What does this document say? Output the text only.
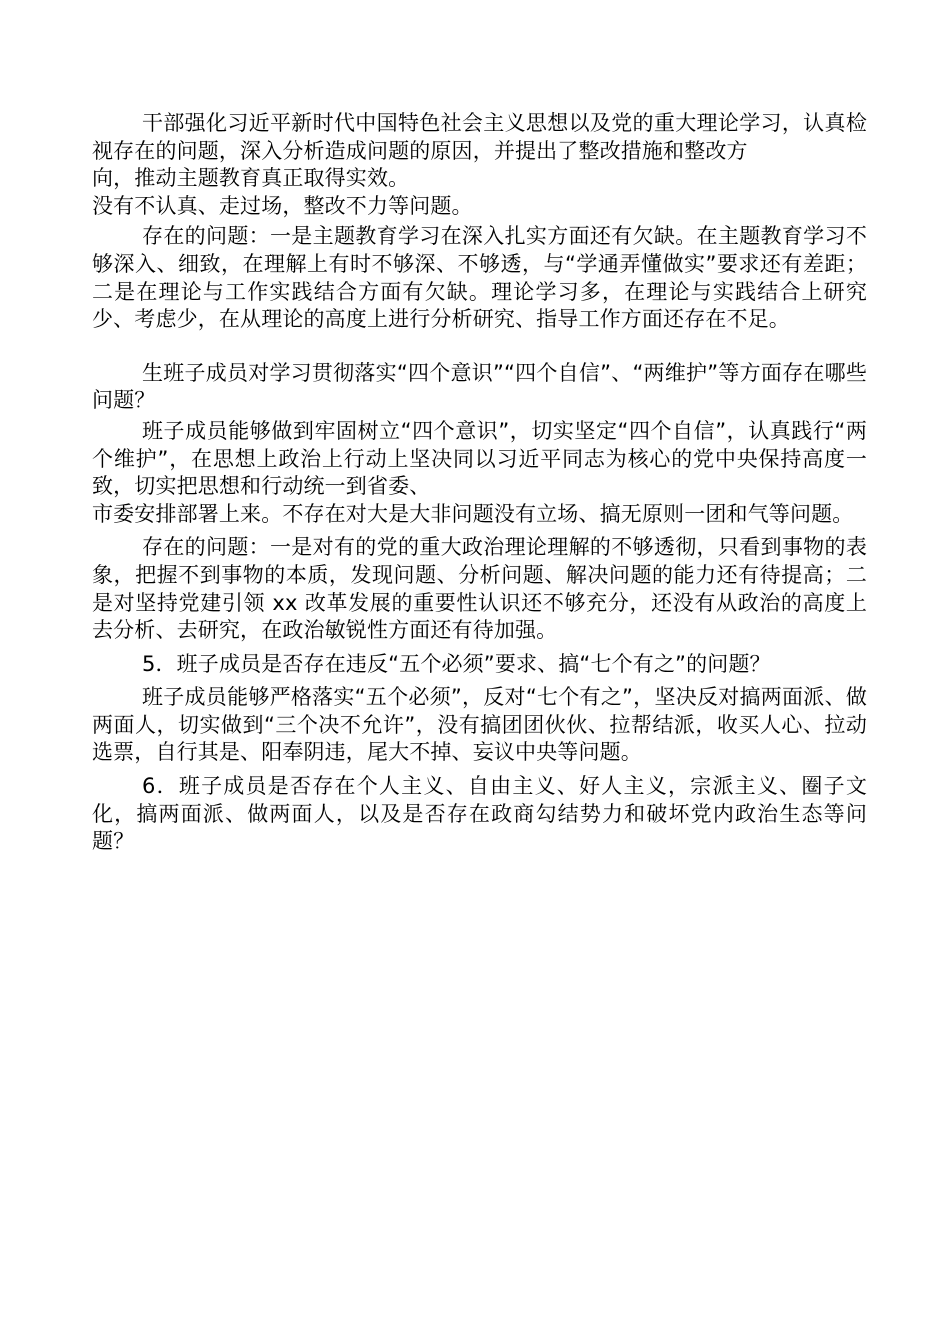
干部强化习近平新时代中国特色社会主义思想以及党的重大理论学习，认真检视存在的问题，深入分析造成问题的原因，并提出了整改措施和整改方
向，推动主题教育真正取得实效。

没有不认真、走过场，整改不力等问题。

存在的问题：一是主题教育学习在深入扎实方面还有欠缺。在主题教育学习不够深入、细致，在理解上有时不够深、不够透，与“学通弄懂做实”要求还有差距；二是在理论与工作实践结合方面有欠缺。理论学习多，在理论与实践结合上研究少、考虑少，在从理论的高度上进行分析研究、指导工作方面还存在不足。

生班子成员对学习贯彻落实“四个意识”“四个自信”、“两维护”等方面存在哪些问题？

班子成员能够做到牢固树立“四个意识”，切实坚定“四个自信”，认真践行“两个维护”，在思想上政治上行动上坚决同以习近平同志为核心的党中央保持高度一致，切实把思想和行动统一到省委、
市委安排部署上来。不存在对大是大非问题没有立场、搞无原则一团和气等问题。

存在的问题：一是对有的党的重大政治理论理解的不够透彻，只看到事物的表象，把握不到事物的本质，发现问题、分析问题、解决问题的能力还有待提高；二是对坚持党建引领 xx 改革发展的重要性认识还不够充分，还没有从政治的高度上去分析、去研究，在政治敏锐性方面还有待加强。

5．班子成员是否存在违反“五个必须”要求、搞“七个有之”的问题？

班子成员能够严格落实“五个必须”，反对“七个有之”，坚决反对搞两面派、做两面人，切实做到“三个决不允许”，没有搞团团伙伙、拉帮结派，收买人心、拉动选票，自行其是、阳奉阴违，尾大不掉、妄议中央等问题。

6．班子成员是否存在个人主义、自由主义、好人主义，宗派主义、圈子文化，搞两面派、做两面人，以及是否存在政商勾结势力和破坏党内政治生态等问题？
